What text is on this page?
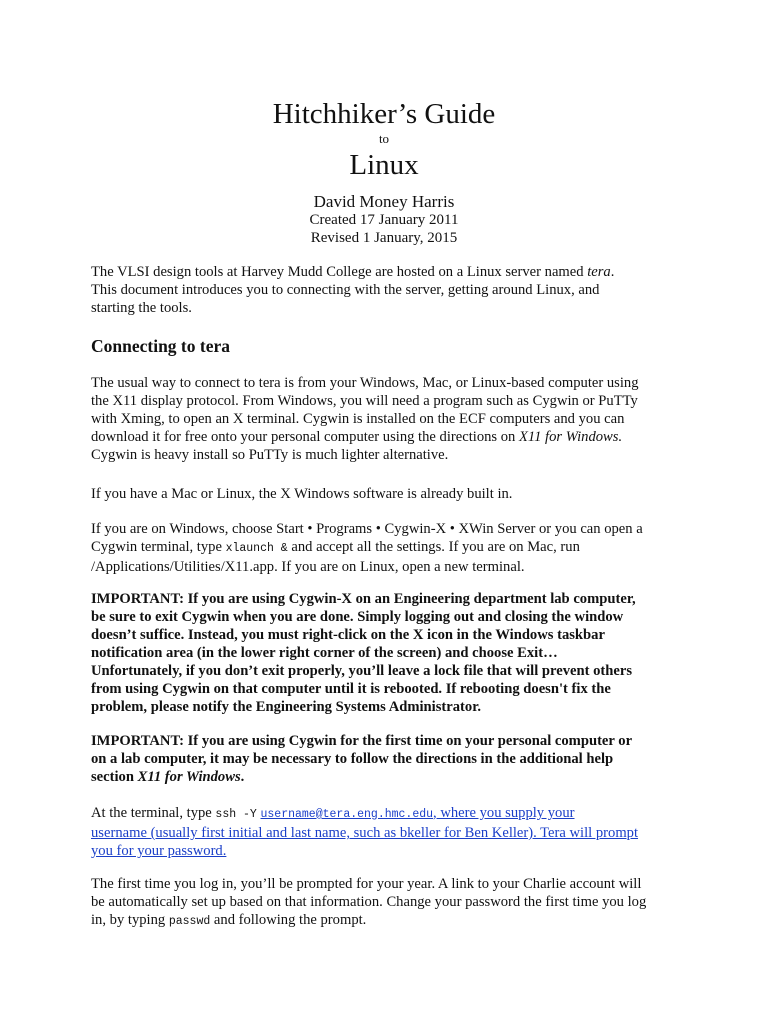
Hitchhiker’s Guide
to
Linux
David Money Harris
Created 17 January 2011
Revised 1 January, 2015
The VLSI design tools at Harvey Mudd College are hosted on a Linux server named tera.
This document introduces you to connecting with the server, getting around Linux, and
starting the tools.
Connecting to tera
The usual way to connect to tera is from your Windows, Mac, or Linux-based computer using
the X11 display protocol. From Windows, you will need a program such as Cygwin or PuTTy
with Xming, to open an X terminal. Cygwin is installed on the ECF computers and you can
download it for free onto your personal computer using the directions on X11 for Windows.
Cygwin is heavy install so PuTTy is much lighter alternative.
If you have a Mac or Linux, the X Windows software is already built in.
If you are on Windows, choose Start • Programs • Cygwin-X • XWin Server or you can open a
Cygwin terminal, type xlaunch & and accept all the settings. If you are on Mac, run
/Applications/Utilities/X11.app. If you are on Linux, open a new terminal.
IMPORTANT: If you are using Cygwin-X on an Engineering department lab computer,
be sure to exit Cygwin when you are done. Simply logging out and closing the window
doesn’t suffice. Instead, you must right-click on the X icon in the Windows taskbar
notification area (in the lower right corner of the screen) and choose Exit…
Unfortunately, if you don’t exit properly, you’ll leave a lock file that will prevent others
from using Cygwin on that computer until it is rebooted. If rebooting doesn't fix the
problem, please notify the Engineering Systems Administrator.
IMPORTANT: If you are using Cygwin for the first time on your personal computer or
on a lab computer, it may be necessary to follow the directions in the additional help
section X11 for Windows.
At the terminal, type ssh -Y username@tera.eng.hmc.edu, where you supply your
username (usually first initial and last name, such as bkeller for Ben Keller). Tera will prompt
you for your password.
The first time you log in, you’ll be prompted for your year. A link to your Charlie account will
be automatically set up based on that information. Change your password the first time you log
in, by typing passwd and following the prompt.
